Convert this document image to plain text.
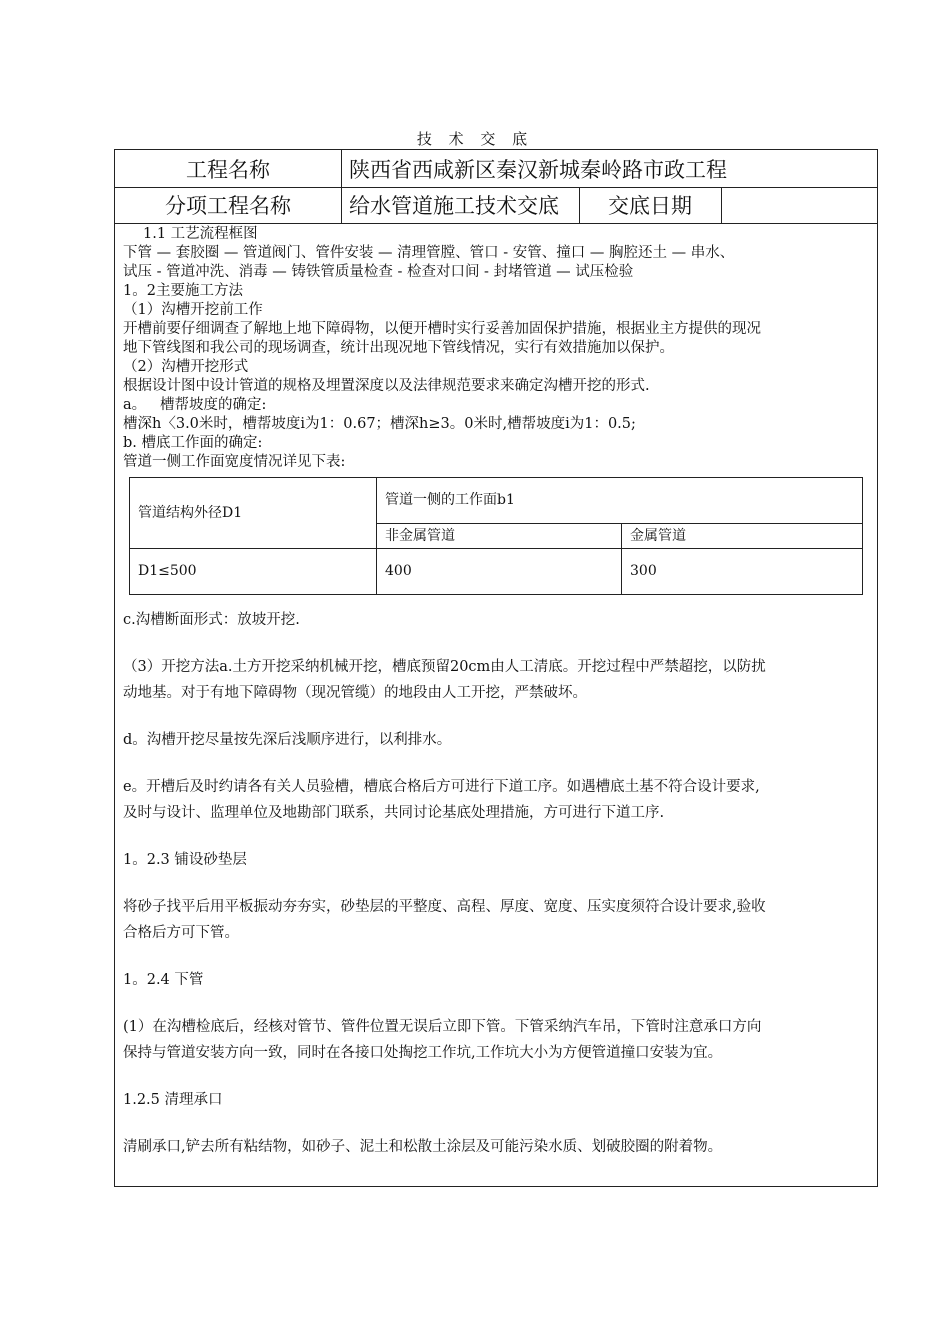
技 术 交 底
工程名称	陕西省西咸新区秦汉新城秦岭路市政工程
分项工程名称	给水管道施工技术交底	交底日期

1.1 工艺流程框图

下管 — 套胶圈 — 管道阀门、管件安装 — 清理管膛、管口 - 安管、撞口 — 胸腔还土 — 串水、

试压 - 管道冲洗、消毒 — 铸铁管质量检查 - 检查对口间 - 封堵管道 — 试压检验

1。2主要施工方法

（1）沟槽开挖前工作

开槽前要仔细调查了解地上地下障碍物，以便开槽时实行妥善加固保护措施，根据业主方提供的现况

地下管线图和我公司的现场调查，统计出现况地下管线情况，实行有效措施加以保护。

（2）沟槽开挖形式

根据设计图中设计管道的规格及埋置深度以及法律规范要求来确定沟槽开挖的形式.

a。   槽帮坡度的确定:

槽深h〈3.0米时，槽帮坡度i为1：0.67；槽深h≥3。0米时,槽帮坡度i为1：0.5;

b. 槽底工作面的确定:

管道一侧工作面宽度情况详见下表:

管道结构外径D1	管道一侧的工作面b1	
	非金属管道	金属管道
D1≤500	400	300

c.沟槽断面形式：放坡开挖.

（3）开挖方法a.土方开挖采纳机械开挖，槽底预留20cm由人工清底。开挖过程中严禁超挖，以防扰

动地基。对于有地下障碍物（现况管缆）的地段由人工开挖，严禁破坏。

d。沟槽开挖尽量按先深后浅顺序进行，以利排水。

e。开槽后及时约请各有关人员验槽，槽底合格后方可进行下道工序。如遇槽底土基不符合设计要求,

及时与设计、监理单位及地勘部门联系，共同讨论基底处理措施，方可进行下道工序.

1。2.3 铺设砂垫层

将砂子找平后用平板振动夯夯实，砂垫层的平整度、高程、厚度、宽度、压实度须符合设计要求,验收

合格后方可下管。

1。2.4 下管

(1）在沟槽检底后，经核对管节、管件位置无误后立即下管。下管采纳汽车吊，下管时注意承口方向

保持与管道安装方向一致，同时在各接口处掏挖工作坑,工作坑大小为方便管道撞口安装为宜。

1.2.5 清理承口

清刷承口,铲去所有粘结物，如砂子、泥土和松散土涂层及可能污染水质、划破胶圈的附着物。
